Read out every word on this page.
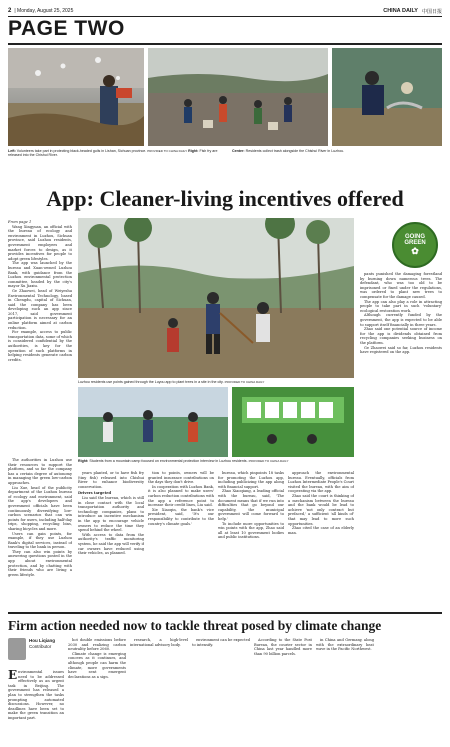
2 | Monday, August 25, 2025	CHINA DAILY 中国日报
PAGE TWO
Left: Volunteers take part in protecting black-headed gulls in Lishan, Sichuan province. PROVIDED TO CHINA DAILY Right: Fish fry are released into the Chishui River.
Center: Residents collect trash alongside the Chishui River in Luzhou.
App: Cleaner-living incentives offered

From page 1

Wang Xingyuan, an official with the bureau of ecology and environment in Luzhou, Sichuan province, said Luzhou residents, government employees and market forces to design, as it provides incentives for people to adopt green lifestyles.

The app was launched by the bureau and Xuan-owned Luzhou Bank, with guidance from the Luzhou environmental protection committee, headed by the city's mayor Xu Jiaxiu.

Ge Zhaowei, head of Weiyeshu Environmental Technology, based in Chengdu, capital of Sichuan, said the company has been developing such an app since 2017, said government participation is necessary for an online platform aimed at carbon reduction.

For example, access to public transportation data, some of which is considered confidential by the authorities, is key for the operation of such platforms in helping residents generate carbon credits.

Luzhou residents use points gained through the Luyou app to plant trees in a site in the city. PROVIDED TO CHINA DAILY
GOING
GREEN
✿

pants punished the damaging forestland by burning down numerous trees. The defendant, who was too old to be imprisoned or fined under the regulations, was ordered to plant new trees to compensate for the damage caused.

The app can also play a role in attracting people to take part in such 'voluntary' ecological restoration work.

Although currently funded by the government, the app is expected to be able to support itself financially in three years.

Zhao said one potential source of income for the app is dividends obtained from recycling companies seeking business on the platform.

Ge Zhaowei said so far, Luzhou residents have registered on the app.

Right: Students from a mountain camp focused on environmental protection interview in Luzhou residents. PROVIDED TO CHINA DAILY

The authorities in Luzhou use their resources to support the platform, and so far the company has a certain degree of autonomy in managing the green low-carbon approaches.

Liu Xue, head of the publicity department of the Luzhou bureau of ecology and environment, said the app's developers and government officials have been continuously diversifying low-carbon scenarios that can win points for users, including half-day trips, shopping, recycling bins, sharing bicycles and more.

Users can gain points, for example, if they use Luzhou Bank's digital services, instead of traveling to the bank in person.

They can also win points by answering questions posted in the app about environmental protection, and by chatting with their friends who are living a green lifestyle.

years planted, or to have fish fry (tiny fish) released into Chishui River to enhance biodiversity conservation.

Drivers targeted

Liu said the bureau, which is still in close contact with the local transportation authority and technology companies, plans to introduce an incentive mechanism in the app to encourage vehicle owners to reduce the time they spend behind the wheel.

With access to data from the authority's traffic monitoring system, he said the app will verify if car owners have reduced using their vehicles, as planned.

tion to points, owners will be granted insurance contributions on the days they don't drive.

In cooperation with Luzhou Bank, it is also planned to make users' carbon reduction contributions with the app a reference point to increase their credit lines, Liu said.

Xie Xiaoqin, the bank's vice president, said, 'It's our responsibility to contribute to the country's climate goals.'

bureau, which pinpoints 18 tasks for promoting the Luzhou app, including publicizing the app along with financial support.

Zhao Xiaoqiang, a leading official with the bureau, said, 'The document means that if we run into difficulties that go beyond our capability, the municipal government will come forward to help.'

To include more opportunities to win points with the app, Zhao said all at least 10 government bodies and public institutions.

approach the environmental bureau. Eventually, officials from Luzhou Intermediate People's Court visited the bureau, with the aim of cooperating via the app.

Zhao said the court is thinking of a mechanism between the bureau and the bank would be lead to achieve 'not only contract but prefaced,' a sufficient 'all kinds of' that may lead to more such opportunities.

Zhao cited the case of an elderly man.

Firm action needed now to tackle threat posed by climate change
Hou Liqiang
Contributor

Environmental issues need to be addressed effectively as an urgent task in Beijing. The government has released a plan to strengthen the tasks prompting automated discussions. However, no deadlines have been set to make the green transition an important part.

hot double emissions before 2030 and realizing carbon neutrality before 2060.

Climate change is emerging concern as it continues, and although people can harm the climate, more governments have sent emergent declarations as a sign.

research, a high-level international advisory body.

environment can be expected to intensify.

According to the State Post Bureau, the courier sector in China last year handled more than 90 billion parcels.

in China and Germany, along with the extraordinary heat wave in the Pacific Northwest.
